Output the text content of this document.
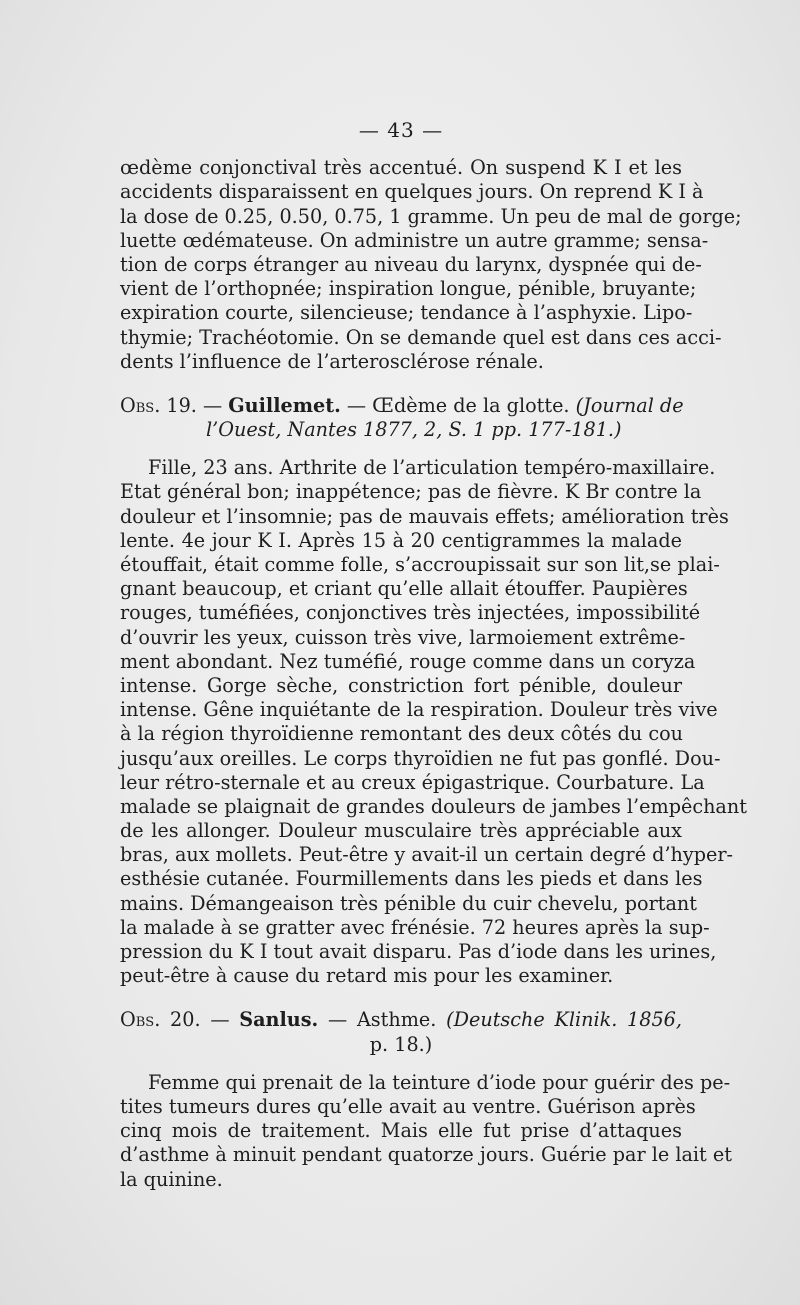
— 43 —
œdème conjonctival très accentué. On suspend K I et les
accidents disparaissent en quelques jours. On reprend K I à
la dose de 0.25, 0.50, 0.75, 1 gramme. Un peu de mal de gorge;
luette œdémateuse. On administre un autre gramme; sensa-
tion de corps étranger au niveau du larynx, dyspnée qui de-
vient de l’orthopnée; inspiration longue, pénible, bruyante;
expiration courte, silencieuse; tendance à l’asphyxie. Lipo-
thymie; Trachéotomie. On se demande quel est dans ces acci-
dents l’influence de l’arterosclérose rénale.
Obs. 19. — Guillemet. — Œdème de la glotte. (Journal de
l’Ouest, Nantes 1877, 2, S. 1 pp. 177-181.)
Fille, 23 ans. Arthrite de l’articulation tempéro-maxillaire.
Etat général bon; inappétence; pas de fièvre. K Br contre la
douleur et l’insomnie; pas de mauvais effets; amélioration très
lente. 4e jour K I. Après 15 à 20 centigrammes la malade
étouffait, était comme folle, s’accroupissait sur son lit,se plai-
gnant beaucoup, et criant qu’elle allait étouffer. Paupières
rouges, tuméfiées, conjonctives très injectées, impossibilité
d’ouvrir les yeux, cuisson très vive, larmoiement extrême-
ment abondant. Nez tuméfié, rouge comme dans un coryza
intense. Gorge sèche, constriction fort pénible, douleur
intense. Gêne inquiétante de la respiration. Douleur très vive
à la région thyroïdienne remontant des deux côtés du cou
jusqu’aux oreilles. Le corps thyroïdien ne fut pas gonflé. Dou-
leur rétro-sternale et au creux épigastrique. Courbature. La
malade se plaignait de grandes douleurs de jambes l’empêchant
de les allonger. Douleur musculaire très appréciable aux
bras, aux mollets. Peut-être y avait-il un certain degré d’hyper-
esthésie cutanée. Fourmillements dans les pieds et dans les
mains. Démangeaison très pénible du cuir chevelu, portant
la malade à se gratter avec frénésie. 72 heures après la sup-
pression du K I tout avait disparu. Pas d’iode dans les urines,
peut-être à cause du retard mis pour les examiner.
Obs. 20. — Sanlus. — Asthme. (Deutsche Klinik. 1856,
p. 18.)
Femme qui prenait de la teinture d’iode pour guérir des pe-
tites tumeurs dures qu’elle avait au ventre. Guérison après
cinq mois de traitement. Mais elle fut prise d’attaques
d’asthme à minuit pendant quatorze jours. Guérie par le lait et
la quinine.
